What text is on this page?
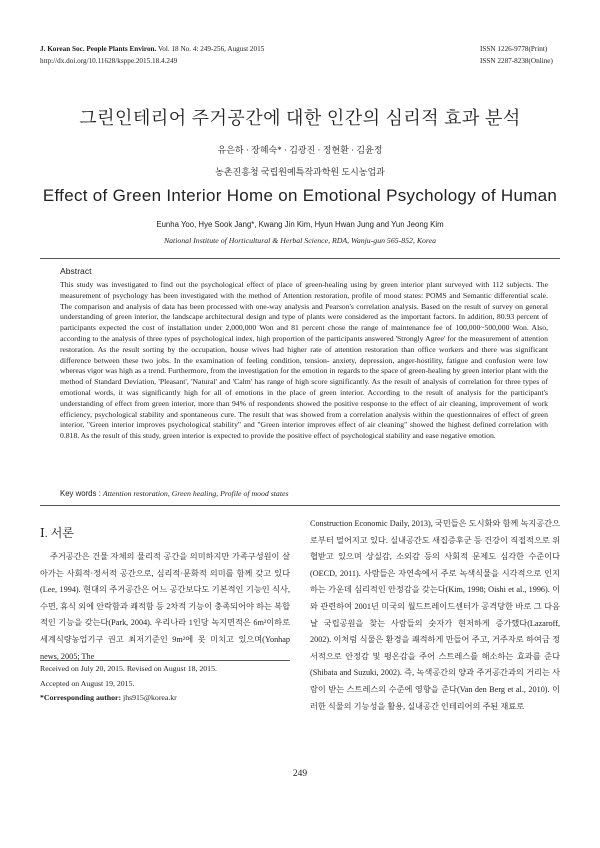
J. Korean Soc. People Plants Environ. Vol. 18 No. 4: 249-256, August 2015
http://dx.doi.org/10.11628/ksppe.2015.18.4.249
ISSN 1226-9778(Print)
ISSN 2287-8238(Online)
그린인테리어 주거공간에 대한 인간의 심리적 효과 분석
유은하 · 장혜숙* · 김광진 · 정현환 · 김윤정
농촌진흥청 국립원예특작과학원 도시농업과
Effect of Green Interior Home on Emotional Psychology of Human
Eunha Yoo, Hye Sook Jang*, Kwang Jin Kim, Hyun Hwan Jung and Yun Jeong Kim
National Institute of Horticultural & Herbal Science, RDA, Wanju-gun 565-852, Korea
Abstract
This study was investigated to find out the psychological effect of place of green-healing using by green interior plant surveyed with 112 subjects. The measurement of psychology has been investigated with the method of Attention restoration, profile of mood states: POMS and Semantic differential scale. The comparison and analysis of data has been processed with one-way analysis and Pearson's correlation analysis. Based on the result of survey on general understanding of green interior, the landscape architectural design and type of plants were considered as the important factors. In addition, 80.93 percent of participants expected the cost of installation under 2,000,000 Won and 81 percent chose the range of maintenance fee of 100,000~500,000 Won. Also, according to the analysis of three types of psychological index, high proportion of the participants answered 'Strongly Agree' for the measurement of attention restoration. As the result sorting by the occupation, house wives had higher rate of attention restoration than office workers and there was significant difference between these two jobs. In the examination of feeling condition, tension- anxiety, depression, anger-hostility, fatigue and confusion were low whereas vigor was high as a trend. Furthermore, from the investigation for the emotion in regards to the space of green-healing by green interior plant with the method of Standard Deviation, 'Pleasant', 'Natural' and 'Calm' has range of high score significantly. As the result of analysis of correlation for three types of emotional words, it was significantly high for all of emotions in the place of green interior. According to the result of analysis for the participant's understanding of effect from green interior, more than 94% of respondents showed the positive response to the effect of air cleaning, improvement of work efficiency, psychological stability and spontaneous cure. The result that was showed from a correlation analysis within the questionnaires of effect of green interior, "Green interior improves psychological stability" and "Green interior improves effect of air cleaning" showed the highest defined correlation with 0.818. As the result of this study, green interior is expected to provide the positive effect of psychological stability and ease negative emotion.
Key words : Attention restoration, Green healing, Profile of mood states
Ⅰ. 서론

주거공간은 건물 자체의 물리적 공간을 의미하지만 가족구성원이 살아가는 사회적·정서적 공간으로, 심리적·문화적 의미를 함께 갖고 있다(Lee, 1994). 현대의 주거공간은 어느 공간보다도 기본적인 기능인 식사, 수면, 휴식 외에 안락함과 쾌적함 등 2차적 기능이 충족되어야 하는 복합적인 기능을 갖는다(Park, 2004). 우리나라 1인당 녹지면적은 6m²이하로 세계식량농업기구 권고 최저기준인 9m²에 못 미치고 있으며(Yonhap news, 2005; The

Construction Economic Daily, 2013), 국민들은 도시화와 함께 녹지공간으로부터 멀어지고 있다. 실내공간도 새집증후군 등 건강이 직접적으로 위협받고 있으며 상실감, 소외감 등의 사회적 문제도 심각한 수준이다(OECD, 2011). 사람들은 자연속에서 주로 녹색식물을 시각적으로 인지하는 가운데 심리적인 안정감을 갖는다(Kim, 1998; Oishi et al., 1996). 이와 관련하여 2001년 미국의 월드트레이드센터가 공격당한 바로 그 다음날 국립공원을 찾는 사람들의 숫자가 현저하게 증가했다(Lazaroff, 2002). 이처럼 식물은 환경을 쾌적하게 만들어 주고, 거주자로 하여금 정서적으로 안정감 및 평온감을 주어 스트레스를 해소하는 효과를 준다(Shibata and Suzuki, 2002). 즉, 녹색공간의 양과 주거공간과의 거리는 사람이 받는 스트레스의 수준에 영향을 준다(Van den Berg et al., 2010). 이러한 식물의 기능성을 활용, 실내공간 인테리어의 주된 재료로

Received on July 20, 2015. Revised on August 18, 2015.
Accepted on August 19, 2015.
*Corresponding author: jhs915@korea.kr
249
